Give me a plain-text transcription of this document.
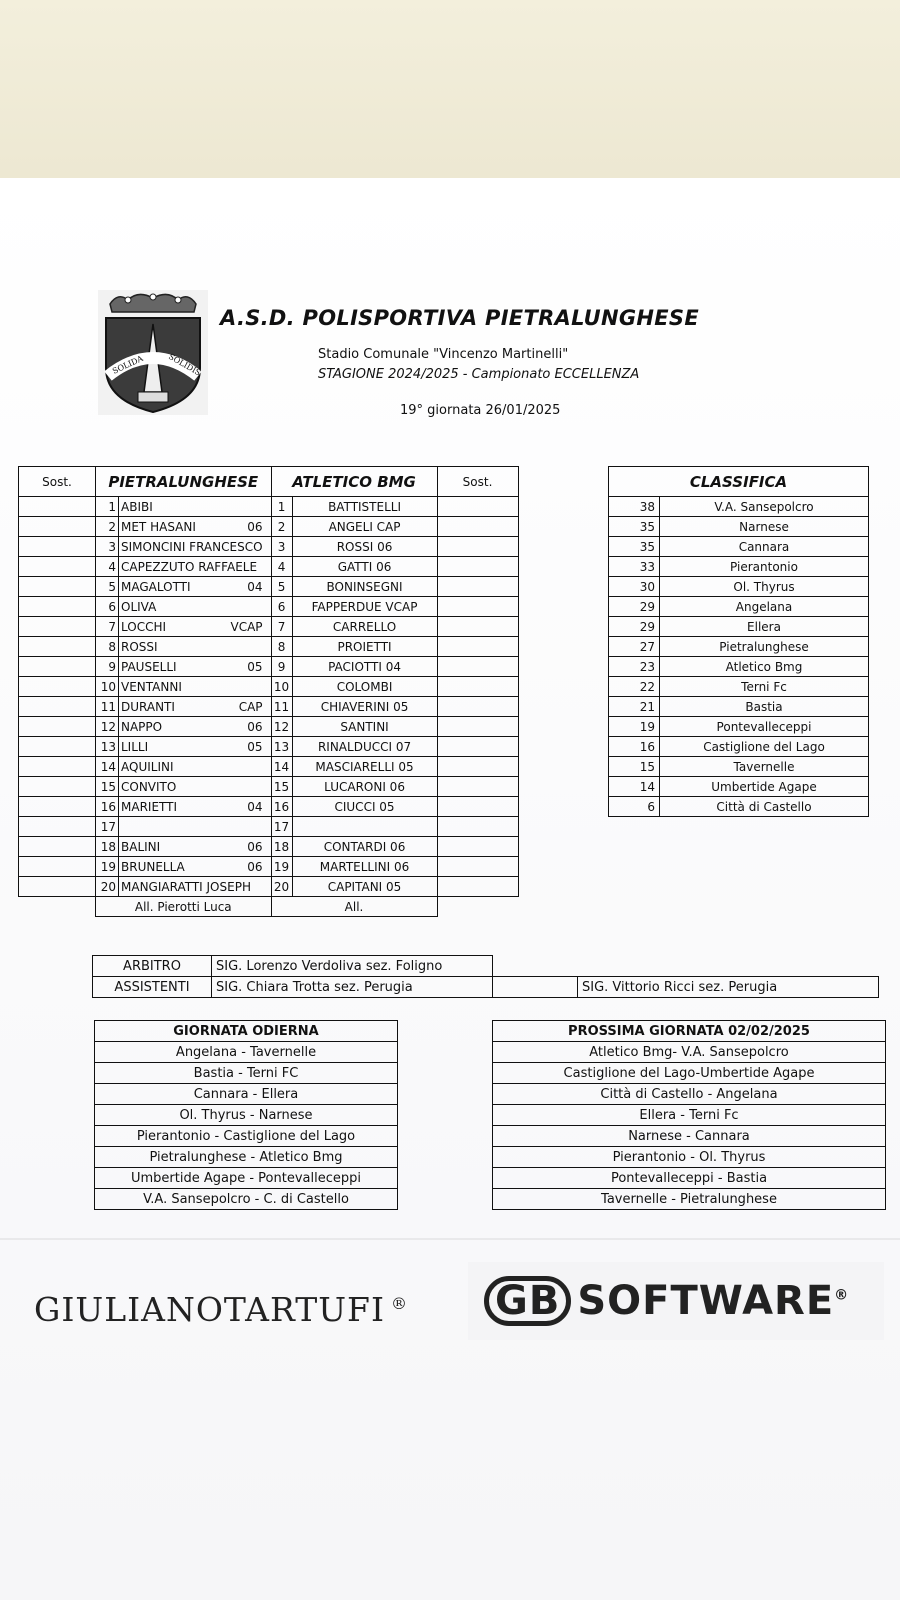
SOLIDA	SOLIDIS
A.S.D. POLISPORTIVA PIETRALUNGHESE
Stadio Comunale "Vincenzo Martinelli"
STAGIONE 2024/2025 - Campionato ECCELLENZA
19° giornata 26/01/2025
Sost.	PIETRALUNGHESE		ATLETICO BMG		Sost.
	1	ABIBI	1	BATTISTELLI	
	2	MET HASANI 06	2	ANGELI CAP	
	3	SIMONCINI FRANCESCO	3	ROSSI 06	
	4	CAPEZZUTO RAFFAELE	4	GATTI 06	
	5	MAGALOTTI 04	5	BONINSEGNI	
	6	OLIVA	6	FAPPERDUE VCAP	
	7	LOCCHI VCAP	7	CARRELLO	
	8	ROSSI	8	PROIETTI	
	9	PAUSELLI 05	9	PACIOTTI 04	
	10	VENTANNI	10	COLOMBI	
	11	DURANTI CAP	11	CHIAVERINI 05	
	12	NAPPO 06	12	SANTINI	
	13	LILLI 05	13	RINALDUCCI 07	
	14	AQUILINI	14	MASCIARELLI 05	
	15	CONVITO	15	LUCARONI 06	
	16	MARIETTI 04	16	CIUCCI 05	
	17		17		
	18	BALINI 06	18	CONTARDI 06	
	19	BRUNELLA 06	19	MARTELLINI 06	
	20	MANGIARATTI JOSEPH	20	CAPITANI 05	
	All. Pierotti Luca		All.		
CLASSIFICA	
38	V.A. Sansepolcro
35	Narnese
35	Cannara
33	Pierantonio
30	Ol. Thyrus
29	Angelana
29	Ellera
27	Pietralunghese
23	Atletico Bmg
22	Terni Fc
21	Bastia
19	Pontevalleceppi
16	Castiglione del Lago
15	Tavernelle
14	Umbertide Agape
6	Città di Castello
ARBITRO	SIG. Lorenzo Verdoliva sez. Foligno		
ASSISTENTI	SIG. Chiara Trotta sez. Perugia		SIG. Vittorio Ricci sez. Perugia
GIORNATA ODIERNA
Angelana - Tavernelle
Bastia - Terni FC
Cannara - Ellera
Ol. Thyrus - Narnese
Pierantonio - Castiglione del Lago
Pietralunghese - Atletico Bmg
Umbertide Agape - Pontevalleceppi
V.A. Sansepolcro - C. di Castello
PROSSIMA GIORNATA 02/02/2025
Atletico Bmg- V.A. Sansepolcro
Castiglione del Lago-Umbertide Agape
Città di Castello - Angelana
Ellera - Terni Fc
Narnese - Cannara
Pierantonio - Ol. Thyrus
Pontevalleceppi - Bastia
Tavernelle - Pietralunghese
GIULIANOTARTUFI ® GB SOFTWARE®
